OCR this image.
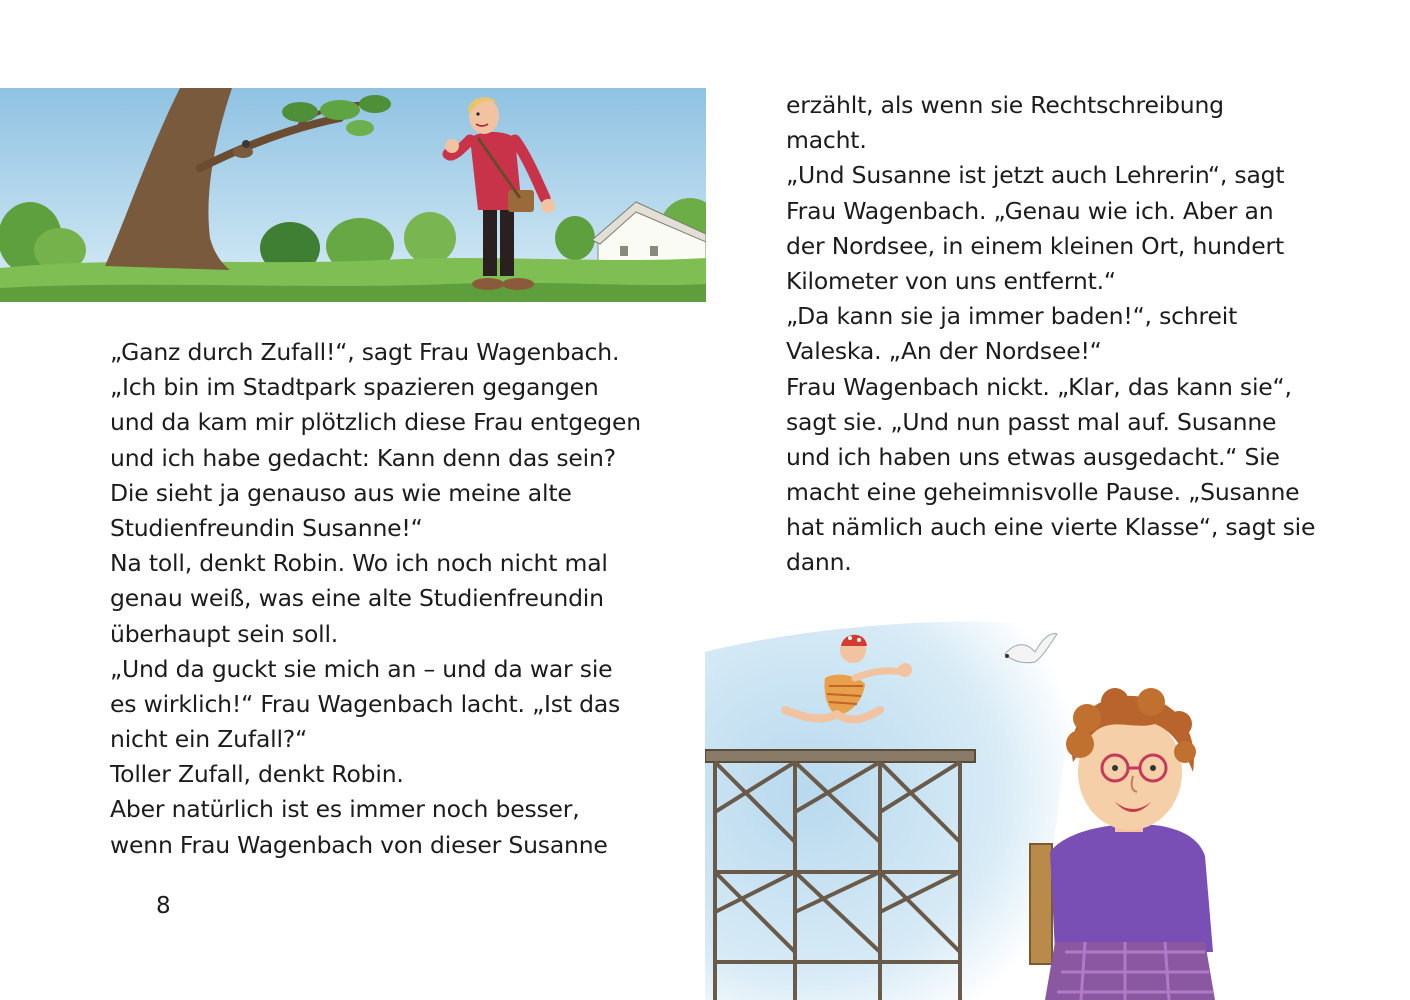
„Ganz durch Zufall!“, sagt Frau Wagenbach.
„Ich bin im Stadtpark spazieren gegangen
und da kam mir plötzlich diese Frau entgegen
und ich habe gedacht: Kann denn das sein?
Die sieht ja genauso aus wie meine alte
Studienfreundin Susanne!“
Na toll, denkt Robin. Wo ich noch nicht mal
genau weiß, was eine alte Studienfreundin
überhaupt sein soll.
„Und da guckt sie mich an – und da war sie
es wirklich!“ Frau Wagenbach lacht. „Ist das
nicht ein Zufall?“
Toller Zufall, denkt Robin.
Aber natürlich ist es immer noch besser,
wenn Frau Wagenbach von dieser Susanne
8
erzählt, als wenn sie Rechtschreibung
macht.
„Und Susanne ist jetzt auch Lehrerin“, sagt
Frau Wagenbach. „Genau wie ich. Aber an
der Nordsee, in einem kleinen Ort, hundert
Kilometer von uns entfernt.“
„Da kann sie ja immer baden!“, schreit
Valeska. „An der Nordsee!“
Frau Wagenbach nickt. „Klar, das kann sie“,
sagt sie. „Und nun passt mal auf. Susanne
und ich haben uns etwas ausgedacht.“ Sie
macht eine geheimnisvolle Pause. „Susanne
hat nämlich auch eine vierte Klasse“, sagt sie
dann.
